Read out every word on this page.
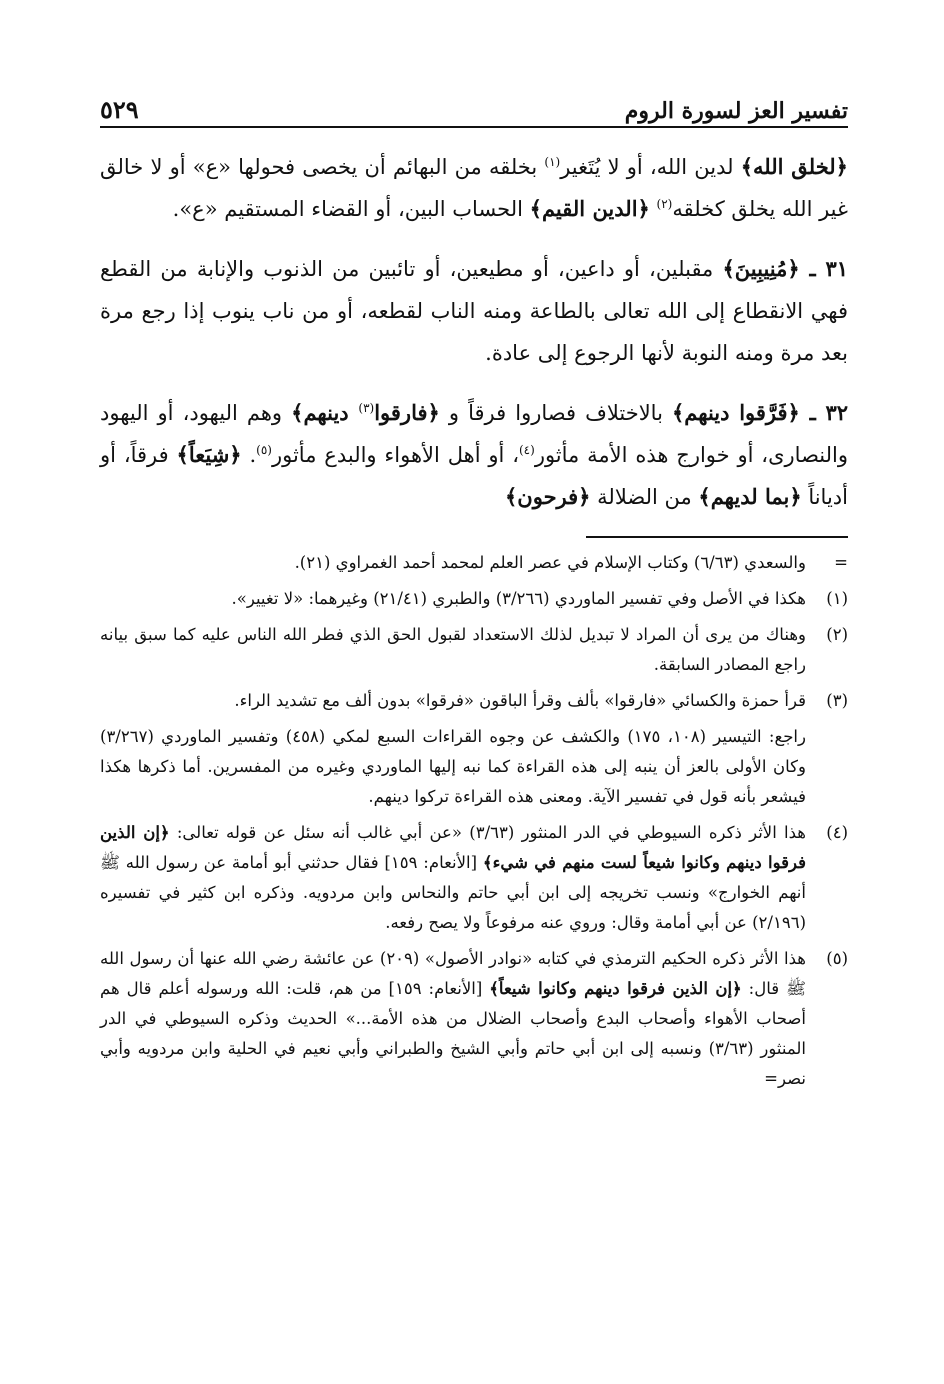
تفسير العز لسورة الروم
٥٢٩

﴿لخلق الله﴾ لدين الله، أو لا يُتَغير$^{(١)}$ بخلقه من البهائم أن يخصى فحولها «ع» أو لا خالق غير الله يخلق كخلقه$^{(٢)}$ ﴿الدين القيم﴾ الحساب البين، أو القضاء المستقيم «ع».

٣١ ـ ﴿مُنِيبِينَ﴾ مقبلين، أو داعين، أو مطيعين، أو تائبين من الذنوب والإنابة من القطع فهي الانقطاع إلى الله تعالى بالطاعة ومنه الناب لقطعه، أو من ناب ينوب إذا رجع مرة بعد مرة ومنه النوبة لأنها الرجوع إلى عادة.

٣٢ ـ ﴿فَرَّقوا دينهم﴾ بالاختلاف فصاروا فرقاً و ﴿فارقوا$^{(٣)}$ دينهم﴾ وهم اليهود، أو اليهود والنصارى، أو خوارج هذه الأمة مأثور$^{(٤)}$، أو أهل الأهواء والبدع مأثور$^{(٥)}$. ﴿شِيَعاً﴾ فرقاً، أو أدياناً ﴿بما لديهم﴾ من الضلالة ﴿فرحون﴾

=
والسعدي (٦/٦٣) وكتاب الإسلام في عصر العلم لمحمد أحمد الغمراوي (٢١).
(١)
هكذا في الأصل وفي تفسير الماوردي (٣/٢٦٦) والطبري (٢١/٤١) وغيرهما: «لا تغيير».
(٢)
وهناك من يرى أن المراد لا تبديل لذلك الاستعداد لقبول الحق الذي فطر الله الناس عليه كما سبق بيانه راجع المصادر السابقة.
(٣)
قرأ حمزة والكسائي «فارقوا» بألف وقرأ الباقون «فرقوا» بدون ألف مع تشديد الراء.
راجع: التيسير (١٠٨، ١٧٥) والكشف عن وجوه القراءات السبع لمكي (٤٥٨) وتفسير الماوردي (٣/٢٦٧) وكان الأولى بالعز أن ينبه إلى هذه القراءة كما نبه إليها الماوردي وغيره من المفسرين. أما ذكرها هكذا فيشعر بأنه قول في تفسير الآية. ومعنى هذه القراءة تركوا دينهم.
(٤)
هذا الأثر ذكره السيوطي في الدر المنثور (٣/٦٣) «عن أبي غالب أنه سئل عن قوله تعالى: ﴿إن الذين فرقوا دينهم وكانوا شيعاً لست منهم في شيء﴾ [الأنعام: ١٥٩] فقال حدثني أبو أمامة عن رسول الله ﷺ أنهم الخوارج» ونسب تخريجه إلى ابن أبي حاتم والنحاس وابن مردويه. وذكره ابن كثير في تفسيره (٢/١٩٦) عن أبي أمامة وقال: وروي عنه مرفوعاً ولا يصح رفعه.
(٥)
هذا الأثر ذكره الحكيم الترمذي في كتابه «نوادر الأصول» (٢٠٩) عن عائشة رضي الله عنها أن رسول الله ﷺ قال: ﴿إن الذين فرقوا دينهم وكانوا شيعاً﴾ [الأنعام: ١٥٩] من هم، قلت: الله ورسوله أعلم قال هم أصحاب الأهواء وأصحاب البدع وأصحاب الضلال من هذه الأمة...» الحديث وذكره السيوطي في الدر المنثور (٣/٦٣) ونسبه إلى ابن أبي حاتم وأبي الشيخ والطبراني وأبي نعيم في الحلية وابن مردويه وأبي نصر=
